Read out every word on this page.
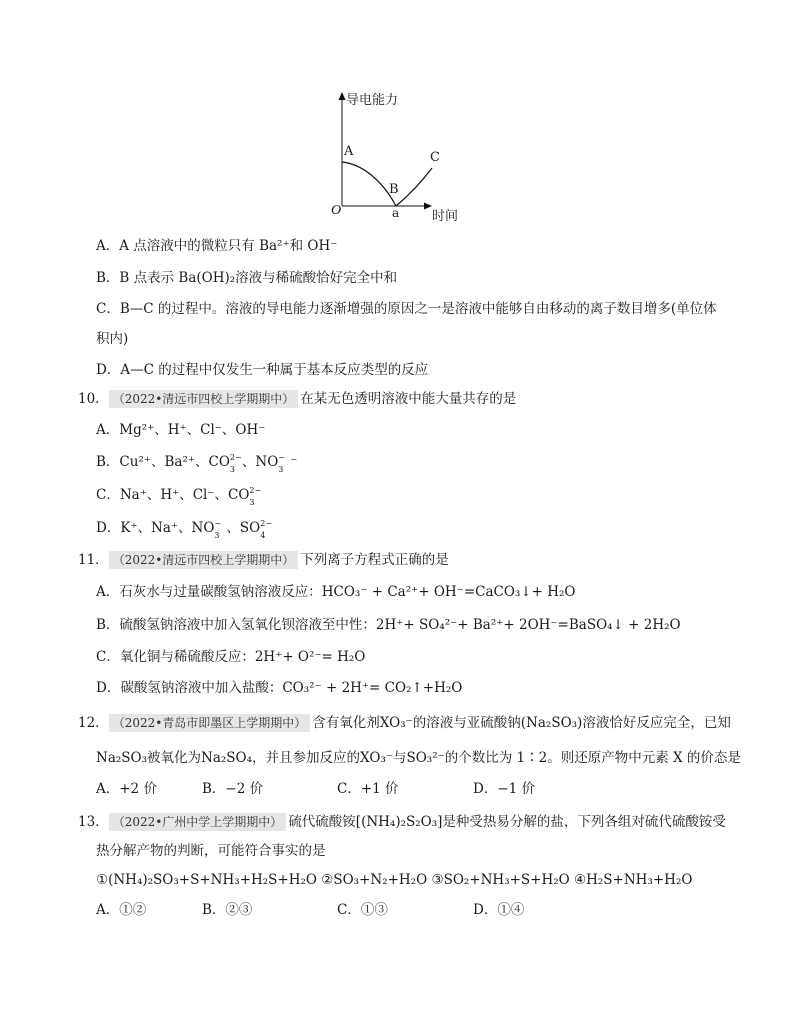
导电能力
时间
O
A
B
C
a
A．A 点溶液中的微粒只有 Ba²⁺和 OH⁻
B．B 点表示 Ba(OH)₂溶液与稀硫酸恰好完全中和
C．B—C 的过程中。溶液的导电能力逐渐增强的原因之一是溶液中能够自由移动的离子数目增多(单位体
积内)
D．A—C 的过程中仅发生一种属于基本反应类型的反应
10． （2022•清远市四校上学期期中） 在某无色透明溶液中能大量共存的是
A．Mg²⁺、H⁺、Cl⁻、OH⁻
B．Cu²⁺、Ba²⁺、CO 2−
3 、NO −
3 ⁻
C．Na⁺、H⁺、Cl⁻、CO 2−
3
D．K⁺、Na⁺、NO −
3 、SO 2−
4
11． （2022•清远市四校上学期期中） 下列离子方程式正确的是
A．石灰水与过量碳酸氢钠溶液反应：HCO₃⁻ + Ca²⁺+ OH⁻=CaCO₃↓+ H₂O
B．硫酸氢钠溶液中加入氢氧化钡溶液至中性：2H⁺+ SO₄²⁻+ Ba²⁺+ 2OH⁻=BaSO₄↓ + 2H₂O
C．氧化铜与稀硫酸反应：2H⁺+ O²⁻= H₂O
D．碳酸氢钠溶液中加入盐酸：CO₃²⁻ + 2H⁺= CO₂↑+H₂O
12． （2022•青岛市即墨区上学期期中） 含有氧化剂XO₃⁻的溶液与亚硫酸钠(Na₂SO₃)溶液恰好反应完全，已知
Na₂SO₃被氧化为Na₂SO₄，并且参加反应的XO₃⁻与SO₃²⁻的个数比为 1∶2。则还原产物中元素 X 的价态是
A．+2 价	B．−2 价	C．+1 价	D．−1 价
13． （2022•广州中学上学期期中） 硫代硫酸铵[(NH₄)₂S₂O₃]是种受热易分解的盐，下列各组对硫代硫酸铵受
热分解产物的判断，可能符合事实的是
①(NH₄)₂SO₃+S+NH₃+H₂S+H₂O ②SO₃+N₂+H₂O ③SO₂+NH₃+S+H₂O ④H₂S+NH₃+H₂O
A．①②	B．②③	C．①③	D．①④
